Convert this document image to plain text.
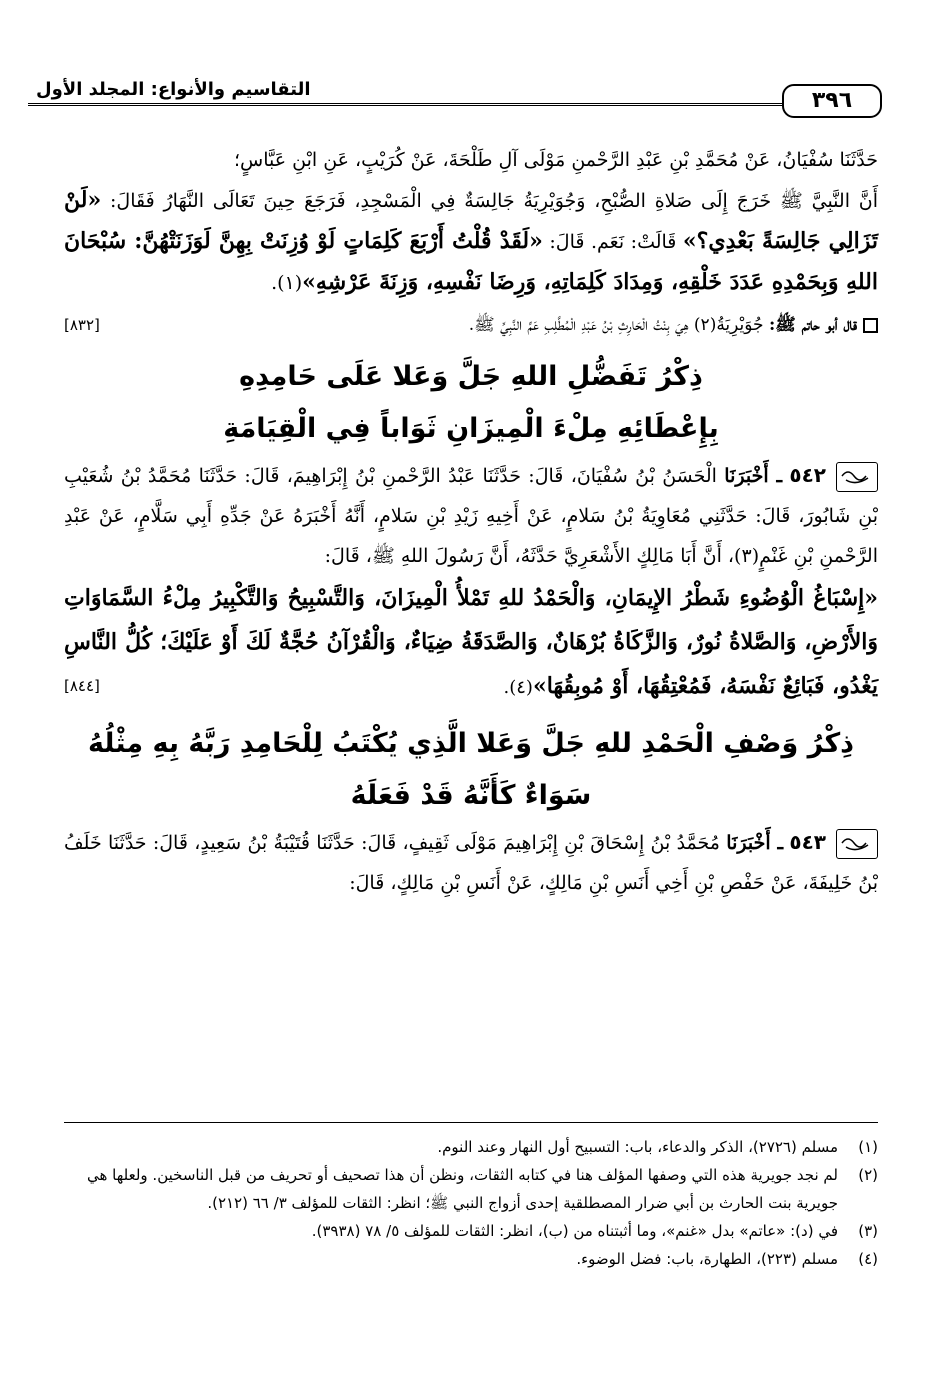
٣٩٦
التقاسيم والأنواع: المجلد الأول

حَدَّثَنَا سُفْيَانُ، عَنْ مُحَمَّدِ بْنِ عَبْدِ الرَّحْمنِ مَوْلَى آلِ طَلْحَةَ، عَنْ كُرَيْبٍ، عَنِ ابْنِ عَبَّاسٍ؛

أَنَّ النَّبِيَّ ﷺ خَرَجَ إِلَى صَلاةِ الصُّبْحِ، وَجُوَيْرِيَةُ جَالِسَةٌ فِي الْمَسْجِدِ، فَرَجَعَ حِينَ تَعَالَى النَّهَارُ فَقَالَ: «لَنْ تَزَالِي جَالِسَةً بَعْدِي؟» قَالَتْ: نَعَم. قَالَ: «لَقَدْ قُلْتُ أَرْبَعَ كَلِمَاتٍ لَوْ وُزِنَتْ بِهِنَّ لَوَزَنَتْهُنَّ: سُبْحَانَ اللهِ وَبِحَمْدِهِ عَدَدَ خَلْقِهِ، وَمِدَادَ كَلِمَاتِهِ، وَرِضَا نَفْسِهِ، وَزِنَةَ عَرْشِهِ»(١).

[٨٣٢]	قال أبو حاتم ﷺ: جُوَيْرِيَةُ(٢) هِيَ بِنْتُ الْحَارِثِ بْنُ عَبْدِ الْمُطَّلِبِ عَمِّ النَّبِيِّ ﷺ.

ذِكْرُ تَفَضُّلِ اللهِ جَلَّ وَعَلا عَلَى حَامِدِهِ
بِإِعْطَائِهِ مِلْءَ الْمِيزَانِ ثَوَاباً فِي الْقِيَامَةِ

٥٤٢ ـ أَخْبَرَنَا الْحَسَنُ بْنُ سُفْيَانَ، قَالَ: حَدَّثَنَا عَبْدُ الرَّحْمنِ بْنُ إِبْرَاهِيمَ، قَالَ: حَدَّثَنَا مُحَمَّدُ بْنُ شُعَيْبِ بْنِ شَابُورَ، قَالَ: حَدَّثَنِي مُعَاوِيَةُ بْنُ سَلامٍ، عَنْ أَخِيهِ زَيْدِ بْنِ سَلامٍ، أَنَّهُ أَخْبَرَهُ عَنْ جَدِّهِ أَبِي سَلَّامٍ، عَنْ عَبْدِ الرَّحْمنِ بْنِ غَنْمٍ(٣)، أَنَّ أَبَا مَالِكٍ الأَشْعَرِيَّ حَدَّثَهُ، أَنَّ رَسُولَ اللهِ ﷺ، قَالَ:

«إِسْبَاغُ الْوُضُوءِ شَطْرُ الإِيمَانِ، وَالْحَمْدُ للهِ تَمْلأُ الْمِيزَانَ، وَالتَّسْبِيحُ وَالتَّكْبِيرُ مِلْءُ السَّمَاوَاتِ وَالأَرْضِ، وَالصَّلاةُ نُورٌ، وَالزَّكَاةُ بُرْهَانٌ، وَالصَّدَقَةُ ضِيَاءٌ، وَالْقُرْآنُ حُجَّةٌ لَكَ أَوْ عَلَيْكَ؛ كُلُّ النَّاسِ يَغْدُو، فَبَائِعٌ نَفْسَهُ، فَمُعْتِقُهَا، أَوْ مُوبِقُهَا»(٤).
[٨٤٤]

ذِكْرُ وَصْفِ الْحَمْدِ للهِ جَلَّ وَعَلا الَّذِي يُكْتَبُ لِلْحَامِدِ رَبَّهُ بِهِ مِثْلُهُ
سَوَاءٌ كَأَنَّهُ قَدْ فَعَلَهُ

٥٤٣ ـ أَخْبَرَنَا مُحَمَّدُ بْنُ إِسْحَاقَ بْنِ إِبْرَاهِيمَ مَوْلَى ثَقِيفٍ، قَالَ: حَدَّثَنَا قُتَيْبَةُ بْنُ سَعِيدٍ، قَالَ: حَدَّثَنَا خَلَفُ بْنُ خَلِيفَةَ، عَنْ حَفْصِ بْنِ أَخِي أَنَسِ بْنِ مَالِكٍ، عَنْ أَنَسِ بْنِ مَالِكٍ، قَالَ:

(١)
مسلم (٢٧٢٦)، الذكر والدعاء، باب: التسبيح أول النهار وعند النوم.
(٢)
لم نجد جويرية هذه التي وصفها المؤلف هنا في كتابه الثقات، ونظن أن هذا تصحيف أو تحريف من قبل الناسخين. ولعلها هي جويرية بنت الحارث بن أبي ضرار المصطلقية إحدى أزواج النبي ﷺ؛ انظر: الثقات للمؤلف ٣/ ٦٦ (٢١٢).
(٣)
في (د): «عاتم» بدل «غنم»، وما أثبتناه من (ب)، انظر: الثقات للمؤلف ٥/ ٧٨ (٣٩٣٨).
(٤)
مسلم (٢٢٣)، الطهارة، باب: فضل الوضوء.
